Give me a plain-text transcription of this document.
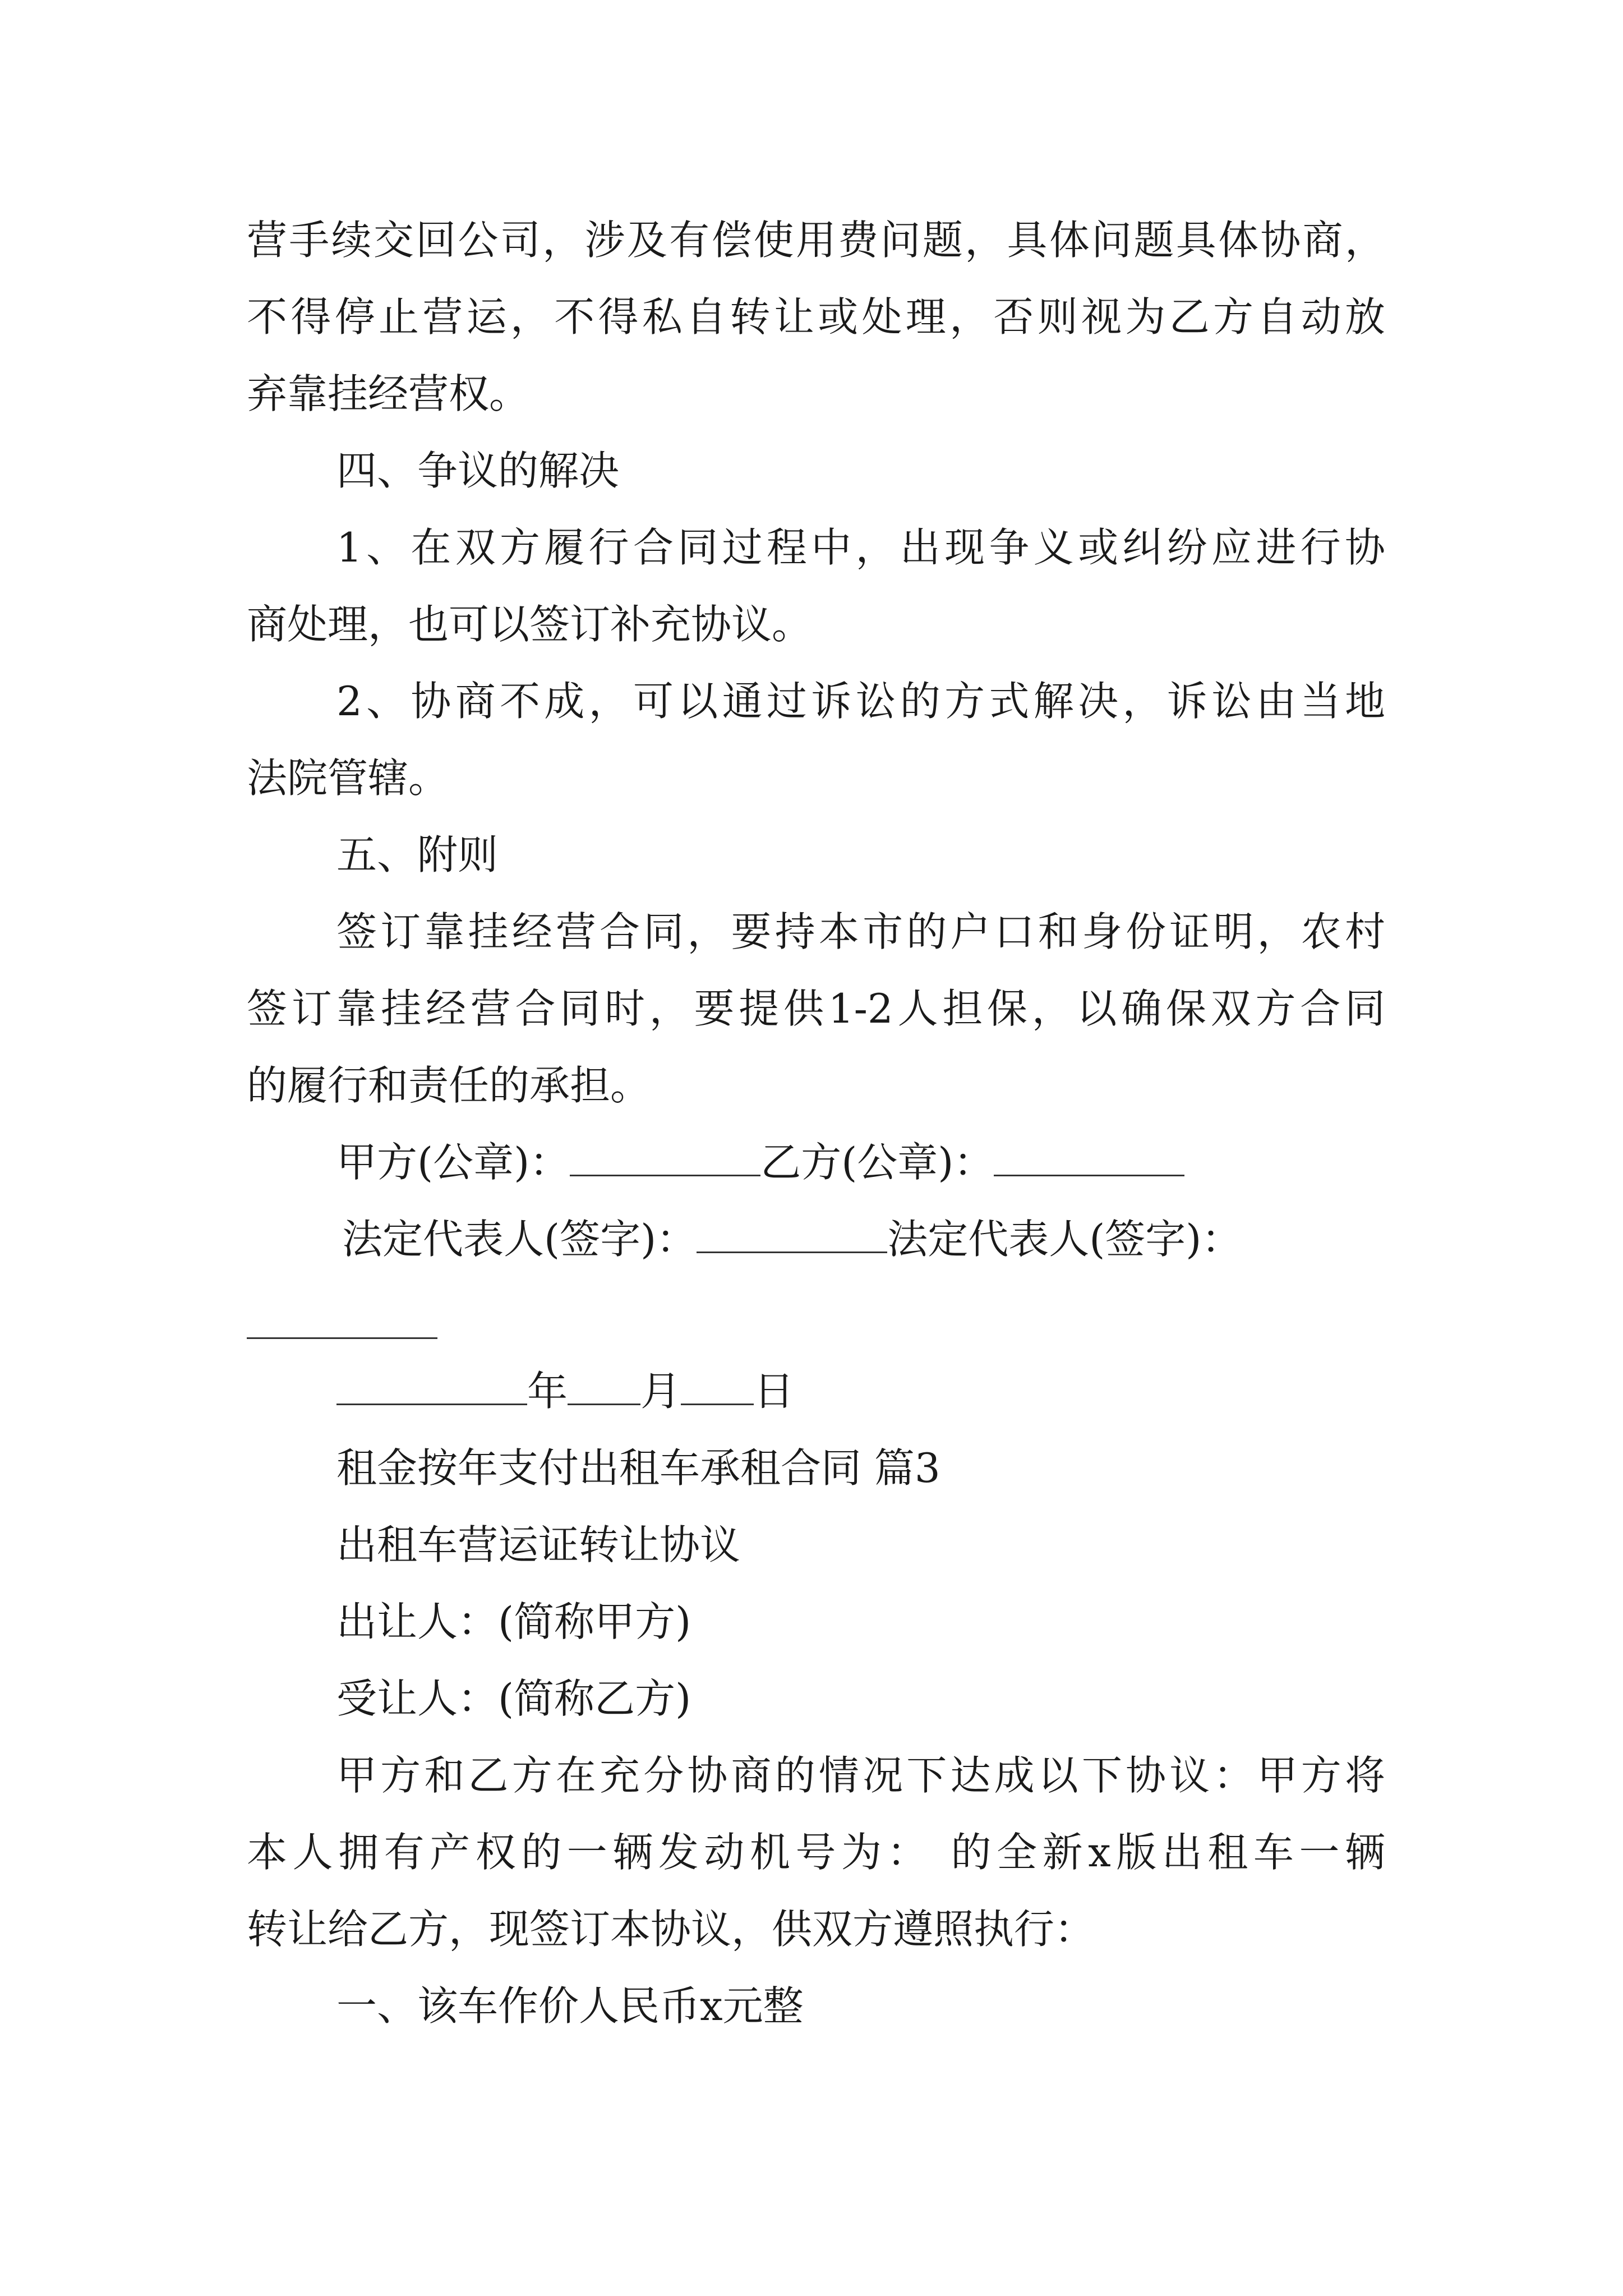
营手续交回公司，涉及有偿使用费问题，具体问题具体协商，
不得停止营运，不得私自转让或处理，否则视为乙方自动放
弃靠挂经营权。
四、争议的解决
1、在双方履行合同过程中，出现争义或纠纷应进行协
商处理，也可以签订补充协议。
2、协商不成，可以通过诉讼的方式解决，诉讼由当地
法院管辖。
五、附则
签订靠挂经营合同，要持本市的户口和身份证明，农村
签订靠挂经营合同时，要提供1-2人担保，以确保双方合同
的履行和责任的承担。
甲方(公章)：	乙方(公章)：
法定代表人(签字)：	法定代表人(签字)：
年 月 日
租金按年支付出租车承租合同 篇3
出租车营运证转让协议
出让人：(简称甲方)
受让人：(简称乙方)
甲方和乙方在充分协商的情况下达成以下协议：甲方将
本人拥有产权的一辆发动机号为： 的全新x版出租车一辆
转让给乙方，现签订本协议，供双方遵照执行：
一、该车作价人民币x元整
